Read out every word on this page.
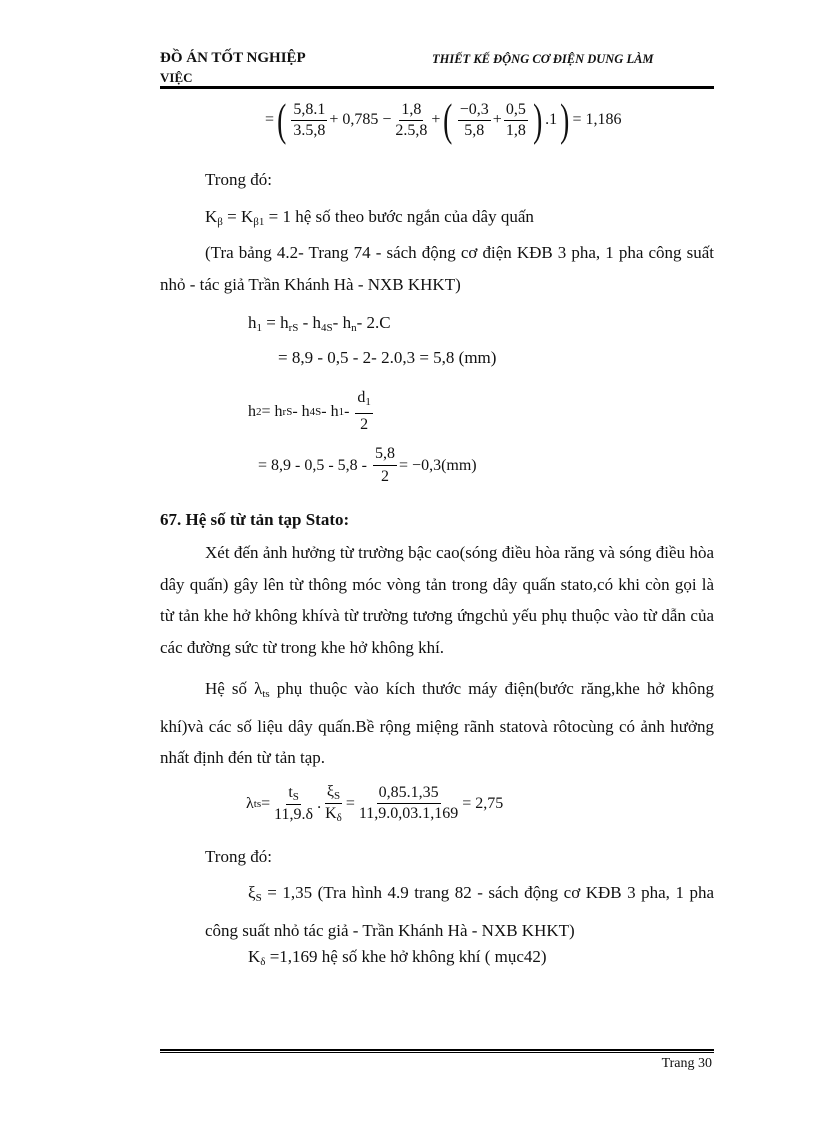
ĐỒ ÁN TỐT NGHIỆP
VIỆC
THIẾT KẾ ĐỘNG CƠ ĐIỆN DUNG LÀM
= ( 5,8.1
3.5,8
+ $0,785 - \frac{1,8}{2.5,8}$ + ( −0,3
5,8
+ $\frac{0,5}{1,8}$ ) .1 ) = 1,186
Trong đó:
$K_\beta = K_{\beta 1} = 1$ hệ số theo bước ngắn của dây quấn
(Tra bảng 4.2- Trang 74 - sách động cơ điện KĐB 3 pha, 1 pha công suất nhỏ - tác giả Trần Khánh Hà - NXB KHKT)
$h_1 = h_{rS} - h_{4S}-$ $h_n-$ 2.C
= 8,9 - 0,5 - 2- 2.0,3 = 5,8 (mm)
h 2 = h rS - h 4S - h 1 -
$d_1$
2
= $8,9 - 0,5 - 5,8 - \frac{5,8}{2} = -0,3(mm)$
67. Hệ số từ tản tạp Stato:
Xét đến ảnh hưởng từ trường bậc cao(sóng điều hòa răng và sóng điều hòa dây quấn) gây lên từ thông móc vòng tản trong dây quấn stato,có khi còn gọi là từ tản khe hở không khívà từ trường tương ứngchủ yếu phụ thuộc vào từ dẫn của các đường sức từ trong khe hở không khí.
Hệ số $\lambda_{ts}$ phụ thuộc vào kích thước máy điện(bước răng,khe hở không khí)và các số liệu dây quấn.Bề rộng miệng rãnh statovà rôtocùng có ảnh hưởng nhất định đén từ tản tạp.
λ ts = $\frac{t_S}{11,9.\delta}$ . $\frac{\xi_S}{K_\delta} = \frac{0,85.1,35}{11,9.0,03.1,169} = 2,75$
Trong đó:
$\xi_S = 1,35$ (Tra hình 4.9 trang 82 - sách động cơ KĐB 3 pha, 1 pha công suất nhỏ tác giả - Trần Khánh Hà - NXB KHKT)
$K_\delta =1,169$ hệ số khe hở không khí ( mục42)
Trang 30
